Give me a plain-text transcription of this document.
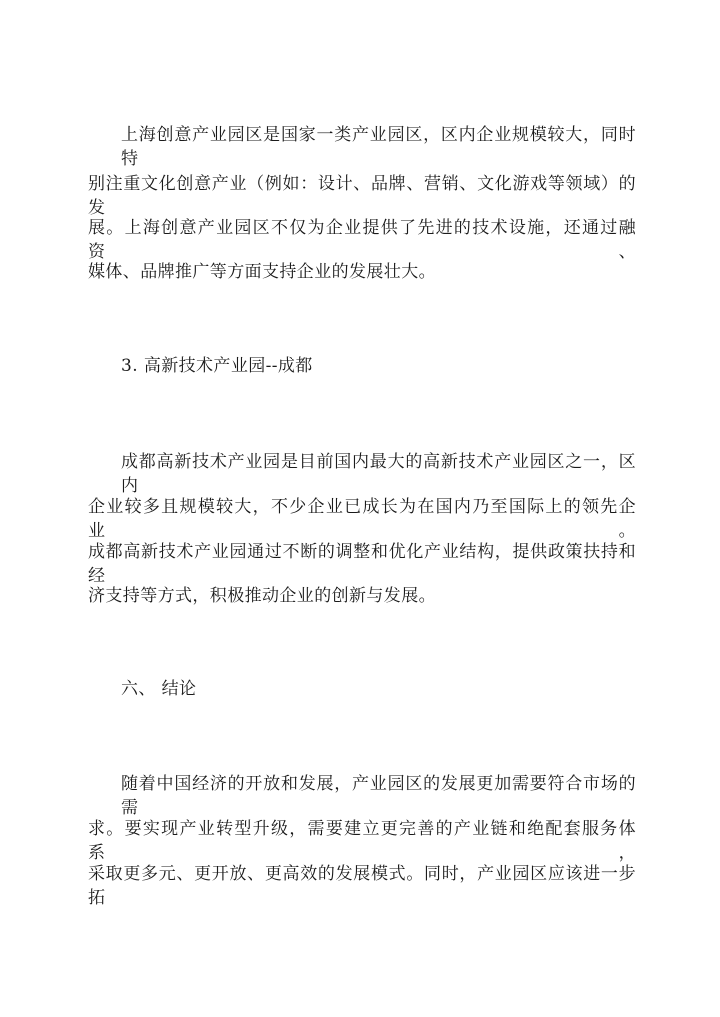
上海创意产业园区是国家一类产业园区，区内企业规模较大，同时特
别注重文化创意产业（例如：设计、品牌、营销、文化游戏等领域）的发
展。上海创意产业园区不仅为企业提供了先进的技术设施，还通过融资、
媒体、品牌推广等方面支持企业的发展壮大。
3. 高新技术产业园--成都
成都高新技术产业园是目前国内最大的高新技术产业园区之一，区内
企业较多且规模较大，不少企业已成长为在国内乃至国际上的领先企业。
成都高新技术产业园通过不断的调整和优化产业结构，提供政策扶持和经
济支持等方式，积极推动企业的创新与发展。
六、 结论
随着中国经济的开放和发展，产业园区的发展更加需要符合市场的需
求。要实现产业转型升级，需要建立更完善的产业链和绝配套服务体系，
采取更多元、更开放、更高效的发展模式。同时，产业园区应该进一步拓
